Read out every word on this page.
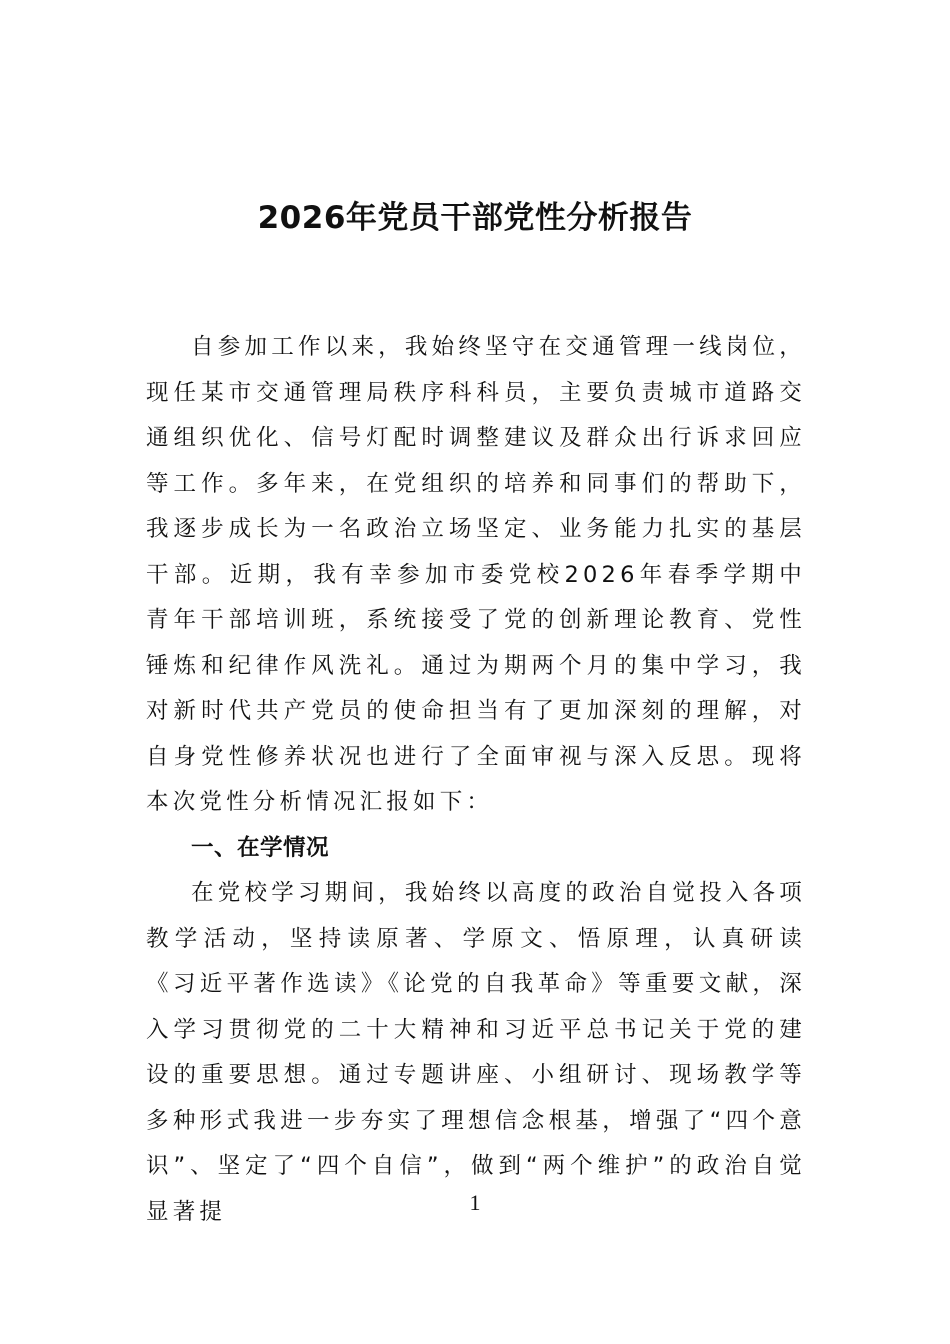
2026年党员干部党性分析报告

自参加工作以来，我始终坚守在交通管理一线岗位，现任某市交通管理局秩序科科员，主要负责城市道路交通组织优化、信号灯配时调整建议及群众出行诉求回应等工作。多年来，在党组织的培养和同事们的帮助下，我逐步成长为一名政治立场坚定、业务能力扎实的基层干部。近期，我有幸参加市委党校2026年春季学期中青年干部培训班，系统接受了党的创新理论教育、党性锤炼和纪律作风洗礼。通过为期两个月的集中学习，我对新时代共产党员的使命担当有了更加深刻的理解，对自身党性修养状况也进行了全面审视与深入反思。现将本次党性分析情况汇报如下：

一、在学情况

在党校学习期间，我始终以高度的政治自觉投入各项教学活动，坚持读原著、学原文、悟原理，认真研读《习近平著作选读》《论党的自我革命》等重要文献，深入学习贯彻党的二十大精神和习近平总书记关于党的建设的重要思想。通过专题讲座、小组研讨、现场教学等多种形式我进一步夯实了理想信念根基，增强了“四个意识”、坚定了“四个自信”，做到“两个维护”的政治自觉显著提	1
